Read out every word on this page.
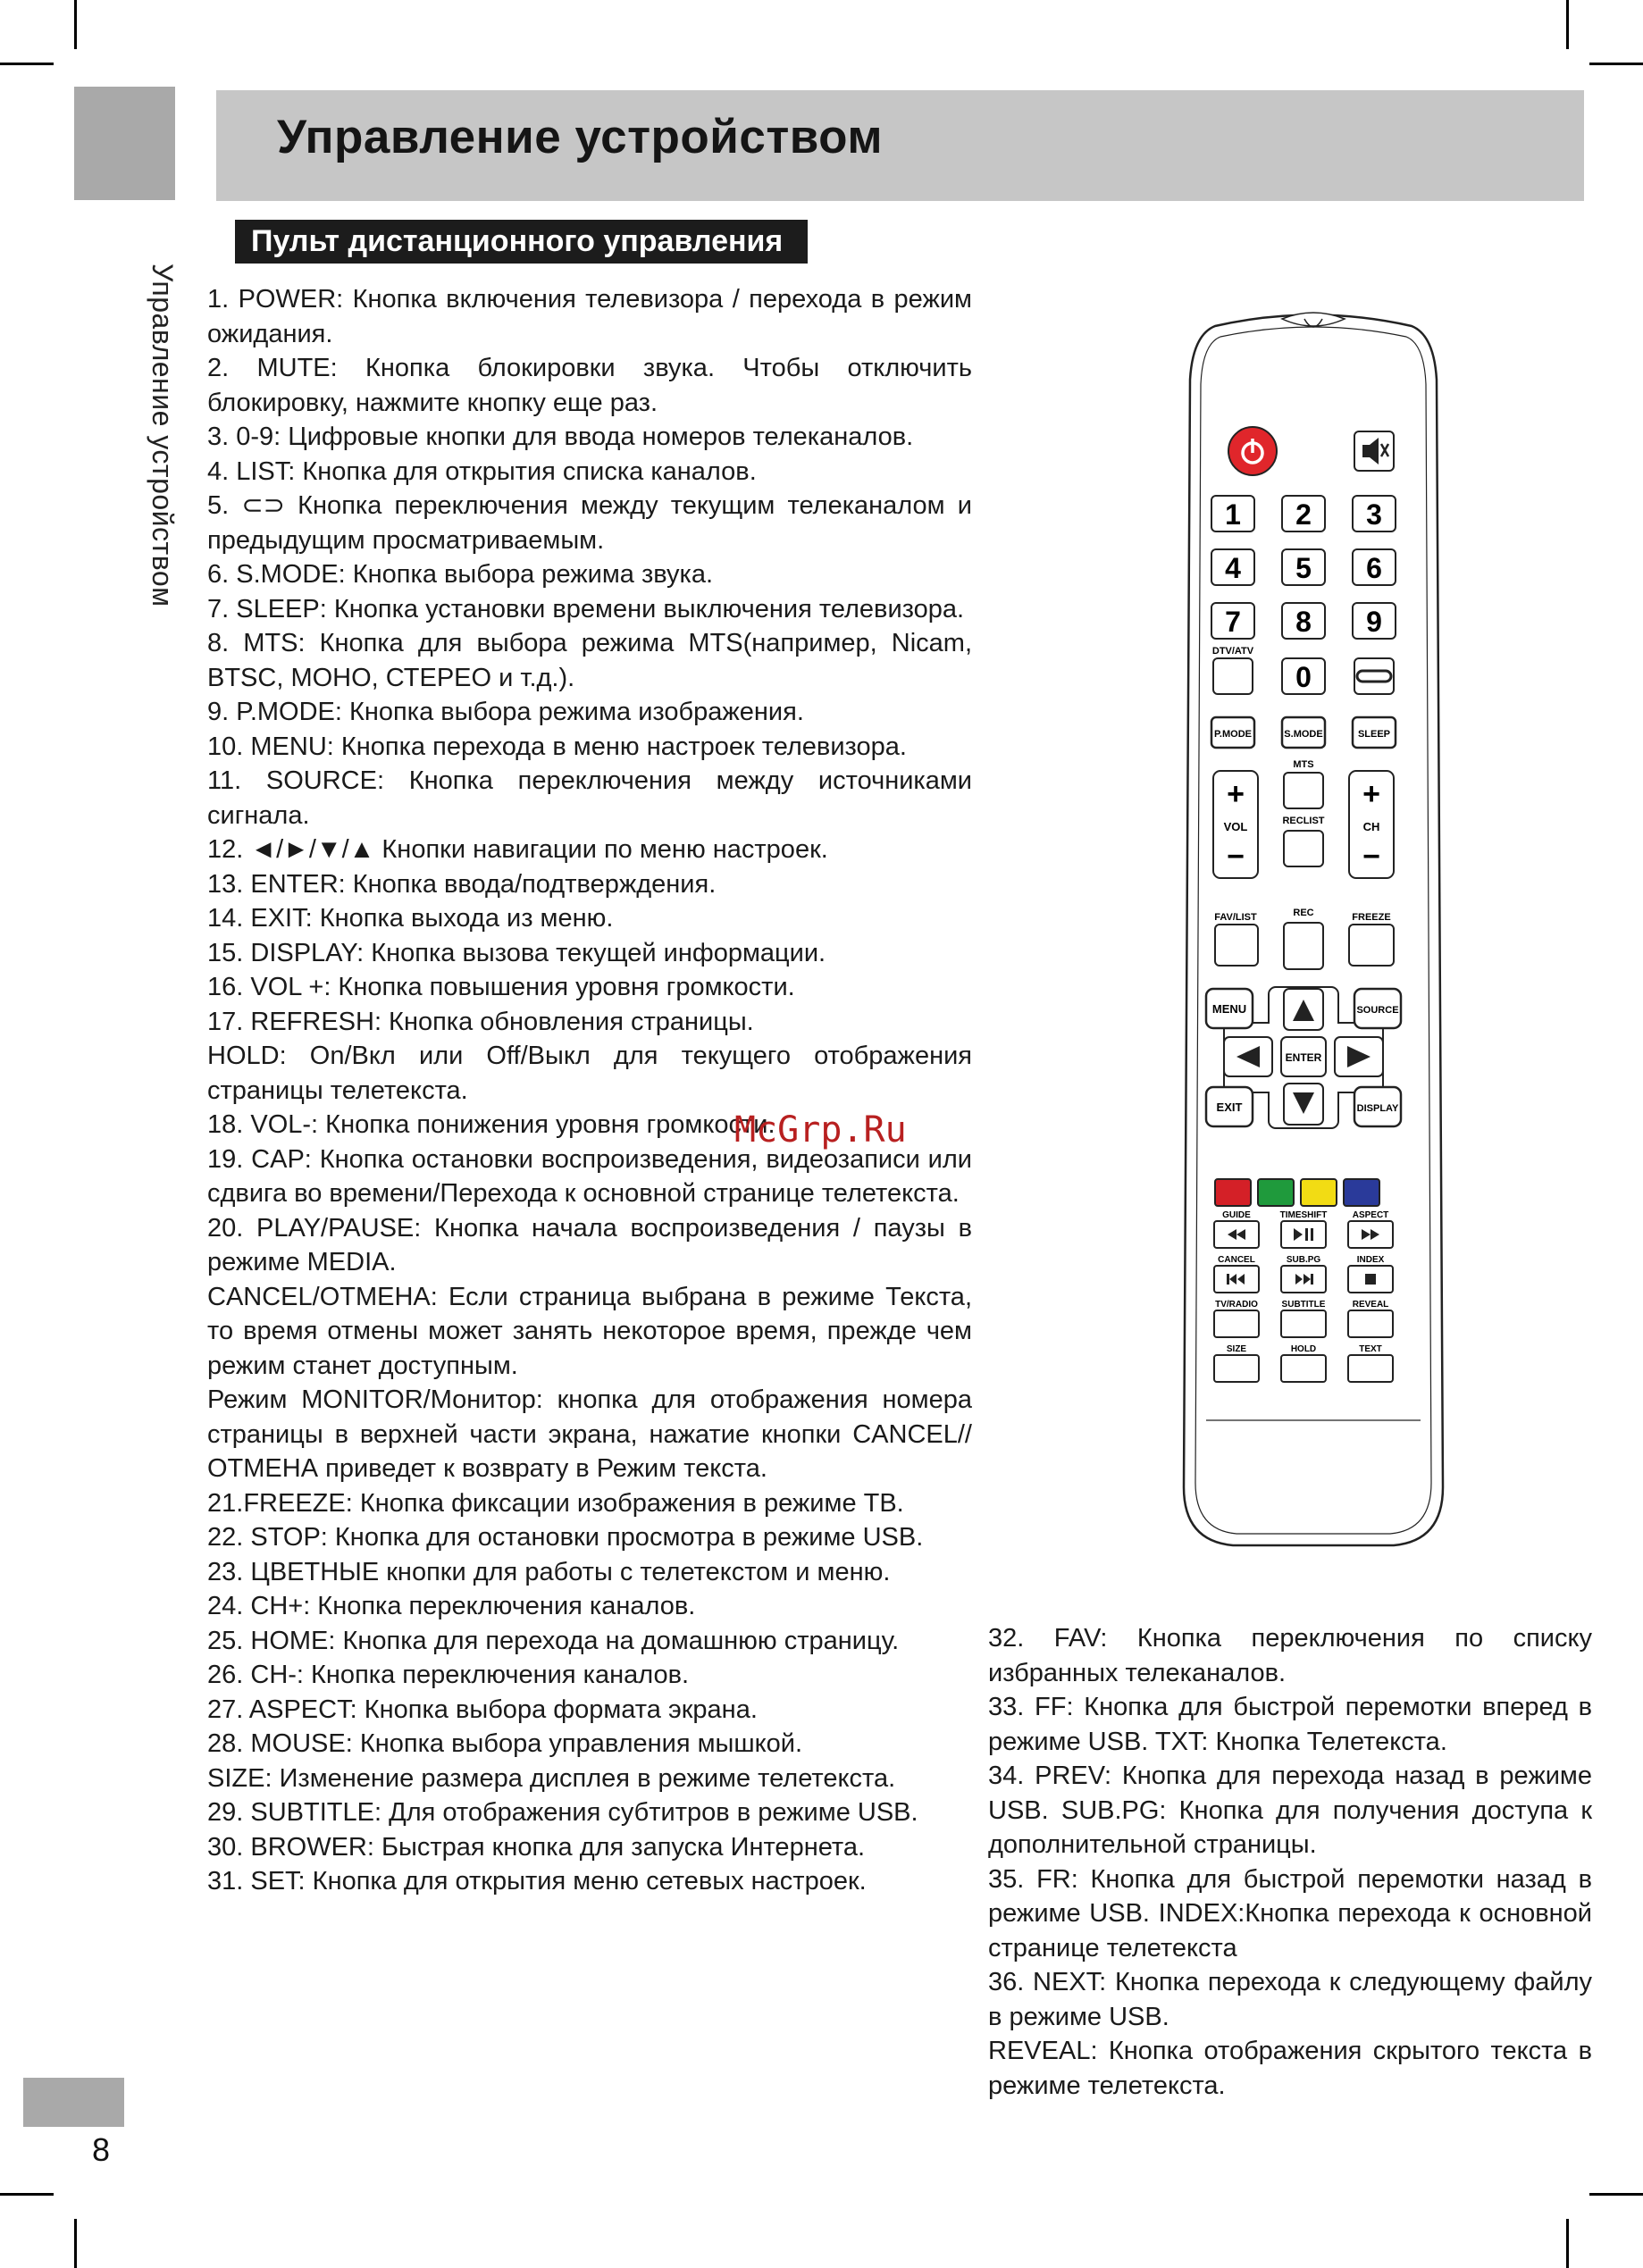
Управление устройством
Пульт дистанционного управления
Управление устройством 1. POWER: Кнопка включения телевизора / перехода в режим ожидания.

2. MUTE: Кнопка блокировки звука. Чтобы отключить блокировку, нажмите кнопку еще раз.

3. 0-9: Цифровые кнопки для ввода номеров телеканалов.

4. LIST: Кнопка для открытия списка каналов.

5. ⊂⊃ Кнопка переключения между текущим телеканалом и предыдущим просматриваемым.

6. S.MODE: Кнопка выбора режима звука.

7. SLEEP: Кнопка установки времени выключения телевизора.

8. MTS: Кнопка для выбора режима MTS(например, Nicam, BTSC, МОНО, СТЕРЕО и т.д.).

9. P.MODE: Кнопка выбора режима изображения.

10. MENU: Кнопка перехода в меню настроек телевизора.

11. SOURCE: Кнопка переключения между источниками сигнала.

12. ◄/►/▼/▲ Кнопки навигации по меню настроек.

13. ENTER: Кнопка ввода/подтверждения.

14. EXIT: Кнопка выхода из меню.

15. DISPLAY: Кнопка вызова текущей информации.

16. VOL +: Кнопка повышения уровня громкости.

17. REFRESH: Кнопка обновления страницы.

HOLD: On/Вкл или Off/Выкл для текущего отображения страницы телетекста.

18. VOL-: Кнопка понижения уровня громкости.

19. CAP: Кнопка остановки воспроизведения, видеозаписи или сдвига во времени/Перехода к основной странице телетекста.

20. PLAY/PAUSE: Кнопка начала воспроизведения / паузы в режиме MEDIA.

CANCEL/ОТМЕНА: Если страница выбрана в режиме Текста, то время отмены может занять некоторое время, прежде чем режим станет доступным.

Режим MONITOR/Монитор: кнопка для отображения номера страницы в верхней части экрана, нажатие кнопки CANCEL//ОТМЕНА приведет к возврату в Режим текста.

21.FREEZE: Кнопка фиксации изображения в режиме ТВ.

22. STOP: Кнопка для остановки просмотра в режиме USB.

23. ЦВЕТНЫЕ кнопки для работы с телетекстом и меню.

24. CH+: Кнопка переключения каналов.

25. HOME: Кнопка для перехода на домашнюю страницу.

26. CH-: Кнопка переключения каналов.

27. ASPECT: Кнопка выбора формата экрана.

28. MOUSE: Кнопка выбора управления мышкой.

SIZE: Изменение размера дисплея в режиме телетекста.

29. SUBTITLE: Для отображения субтитров в режиме USB.

30. BROWER: Быстрая кнопка для запуска Интернета.

31. SET: Кнопка для открытия меню сетевых настроек.

32. FAV: Кнопка переключения по списку избранных телеканалов.

33. FF: Кнопка для быстрой перемотки вперед в режиме USB. TXT: Кнопка Телетекста.

34. PREV: Кнопка для перехода назад в режиме USB. SUB.PG: Кнопка для получения доступа к дополнительной страницы.

35. FR: Кнопка для быстрой перемотки назад в режиме USB. INDEX:Кнопка перехода к основной странице телетекста

36. NEXT: Кнопка перехода к следующему файлу в режиме USB.

REVEAL: Кнопка отображения скрытого текста в режиме телетекста.

McGrp.Ru
8
1 2 3
4 5 6
7 8 9
0
DTV/ATV
P.MODE	S.MODE	SLEEP
+
VOL
−
+
CH
−
MTS
RECLIST
FAV/LIST	REC	FREEZE
MENU	SOURCE
ENTER
EXIT	DISPLAY
GUIDE	TIMESHIFT	ASPECT
CANCEL	SUB.PG	INDEX
TV/RADIO	SUBTITLE	REVEAL
SIZE	HOLD	TEXT
